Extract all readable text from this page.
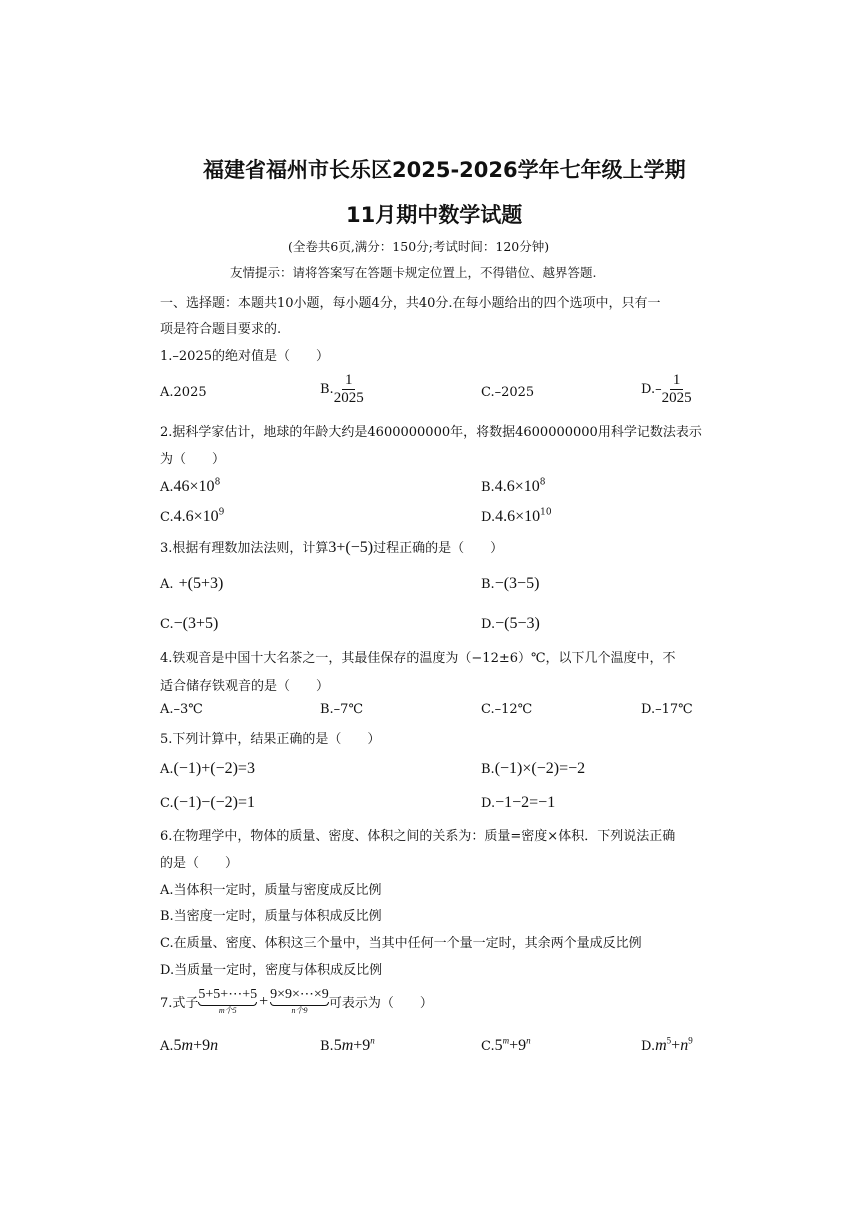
福建省福州市长乐区2025-2026学年七年级上学期
11月期中数学试题
(全卷共6页,满分：150分;考试时间：120分钟)
友情提示：请将答案写在答题卡规定位置上，不得错位、越界答题.
一、选择题：本题共10小题，每小题4分，共40分.在每小题给出的四个选项中，只有一
项是符合题目要求的.
1.–2025的绝对值是（　　）
A.2025	B. $\frac{1}{2025}$	C.–2025	$D.- \frac{1}{2025}$
2.据科学家估计，地球的年龄大约是4600000000年，将数据4600000000用科学记数法表示
为（　　）
$A.46\times 10^8$	$B.4.6\times 10^8$
$C.4.6\times 10^9$	$D.4.6\times 10^{10}$
3.根据有理数加法法则，计算3+(−5)过程正确的是（　　）
A. +(5+3)	B.−(3−5)
C.−(3+5)	D.−(5−3)
4.铁观音是中国十大名茶之一，其最佳保存的温度为（−12±6）℃，以下几个温度中，不
适合储存铁观音的是（　　）
A.–3℃	B.–7℃	C.–12℃	D.–17℃
5.下列计算中，结果正确的是（　　）
A.(−1)+(−2)=3	B.(−1)×(−2)=−2
C.(−1)−(−2)=1	D.−1−2=−1
6.在物理学中，物体的质量、密度、体积之间的关系为：质量=密度×体积．下列说法正确
的是（　　）
A.当体积一定时，质量与密度成反比例
B.当密度一定时，质量与体积成反比例
C.在质量、密度、体积这三个量中，当其中任何一个量一定时，其余两个量成反比例
D.当质量一定时，密度与体积成反比例
7.式子
5+5+⋯+5
m个5
+ 9×9×⋯×9
n个9 可表示为（　　）
A.5m+9n	$B.5m+9^n$	$C.5^m+9^n$	$D.m^5+n^9$
